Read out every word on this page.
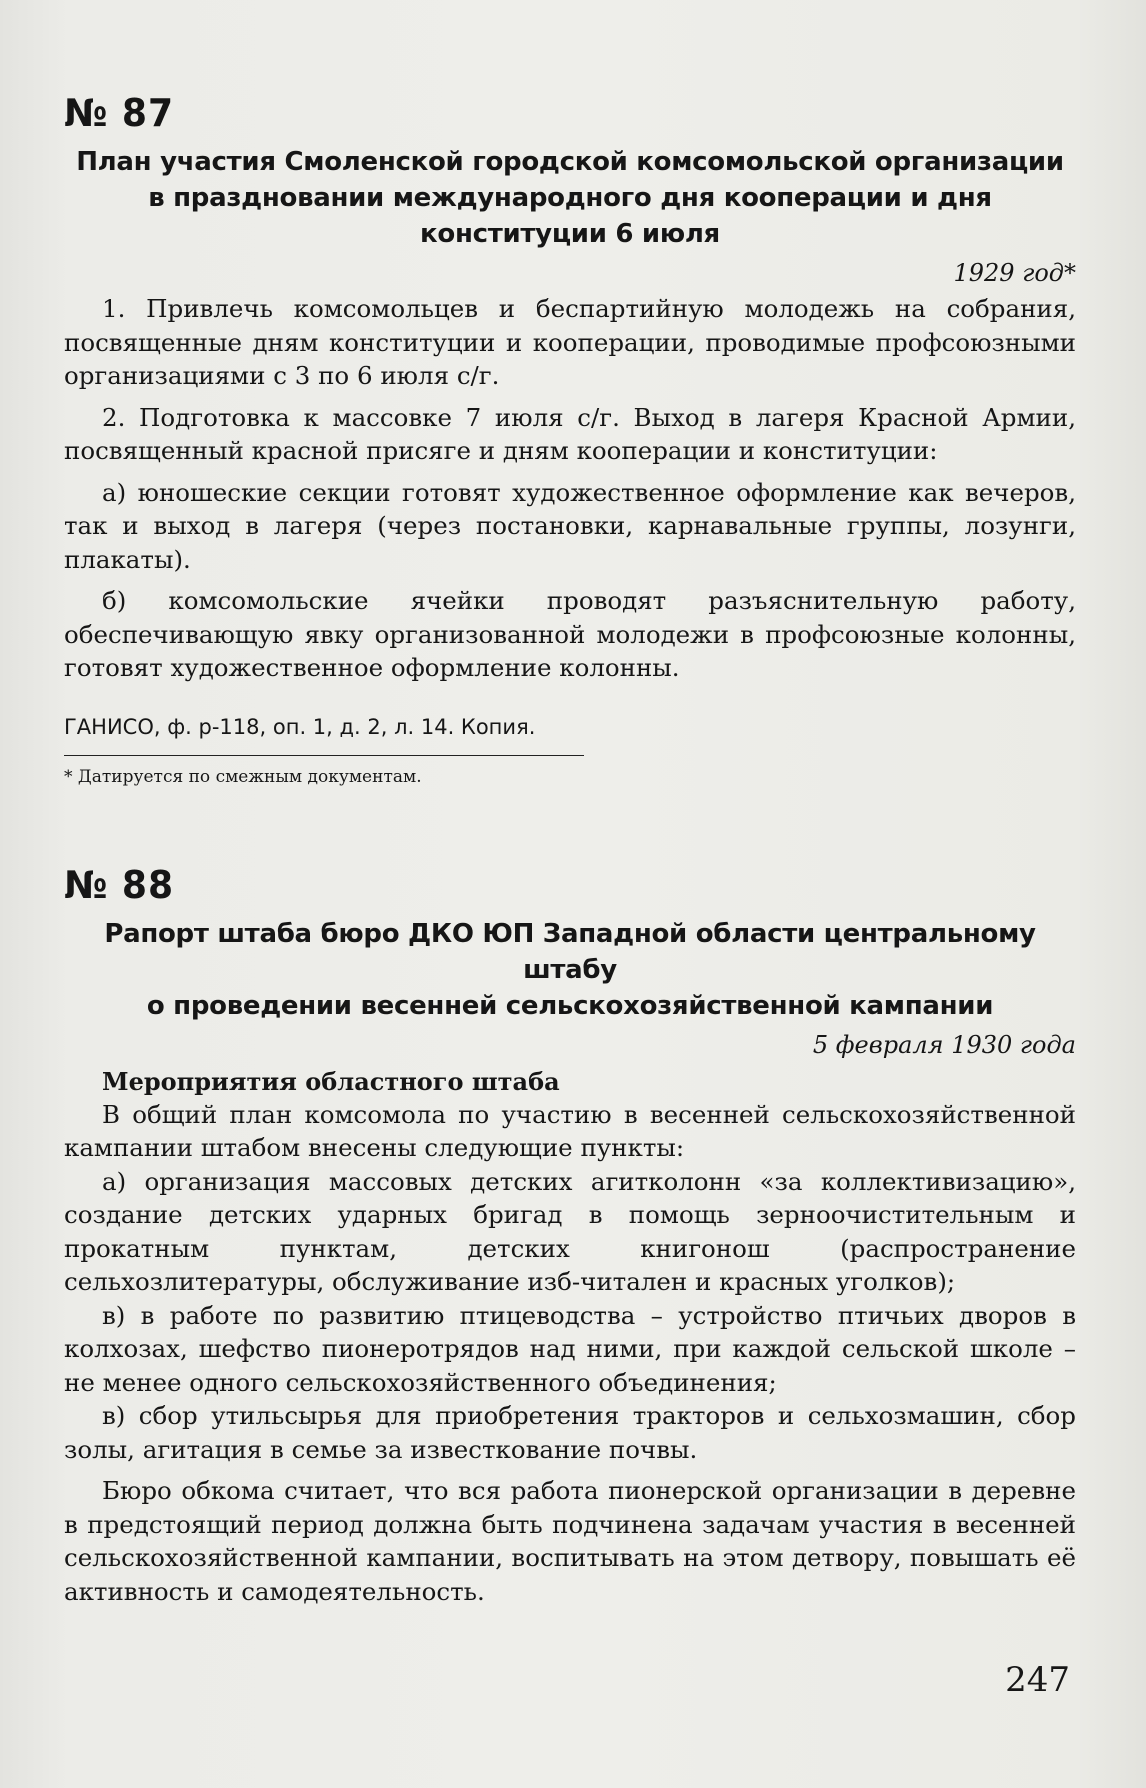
№ 87
План участия Смоленской городской комсомольской организации
в праздновании международного дня кооперации и дня конституции 6 июля
1929 год*

1. Привлечь комсомольцев и беспартийную молодежь на собрания, посвященные дням конституции и кооперации, проводимые профсоюзными организациями с 3 по 6 июля с/г.

2. Подготовка к массовке 7 июля с/г. Выход в лагеря Красной Армии, посвященный красной присяге и дням кооперации и конституции:

а) юношеские секции готовят художественное оформление как вечеров, так и выход в лагеря (через постановки, карнавальные группы, лозунги, плакаты).

б) комсомольские ячейки проводят разъяснительную работу, обеспечивающую явку организованной молодежи в профсоюзные колонны, готовят художественное оформление колонны.

ГАНИСО, ф. р-118, оп. 1, д. 2, л. 14. Копия.

* Датируется по смежным документам.

№ 88
Рапорт штаба бюро ДКО ЮП Западной области центральному штабу
о проведении весенней сельскохозяйственной кампании
5 февраля 1930 года
Мероприятия областного штаба

В общий план комсомола по участию в весенней сельскохозяйственной кампании штабом внесены следующие пункты:

а) организация массовых детских агитколонн «за коллективизацию», создание детских ударных бригад в помощь зерноочистительным и прокатным пунктам, детских книгонош (распространение сельхозлитературы, обслуживание изб-читален и красных уголков);

в) в работе по развитию птицеводства – устройство птичьих дворов в колхозах, шефство пионеротрядов над ними, при каждой сельской школе – не менее одного сельскохозяйственного объединения;

в) сбор утильсырья для приобретения тракторов и сельхозмашин, сбор золы, агитация в семье за известкование почвы.

Бюро обкома считает, что вся работа пионерской организации в деревне в предстоящий период должна быть подчинена задачам участия в весенней сельскохозяйственной кампании, воспитывать на этом детвору, повышать её активность и самодеятельность.

247
